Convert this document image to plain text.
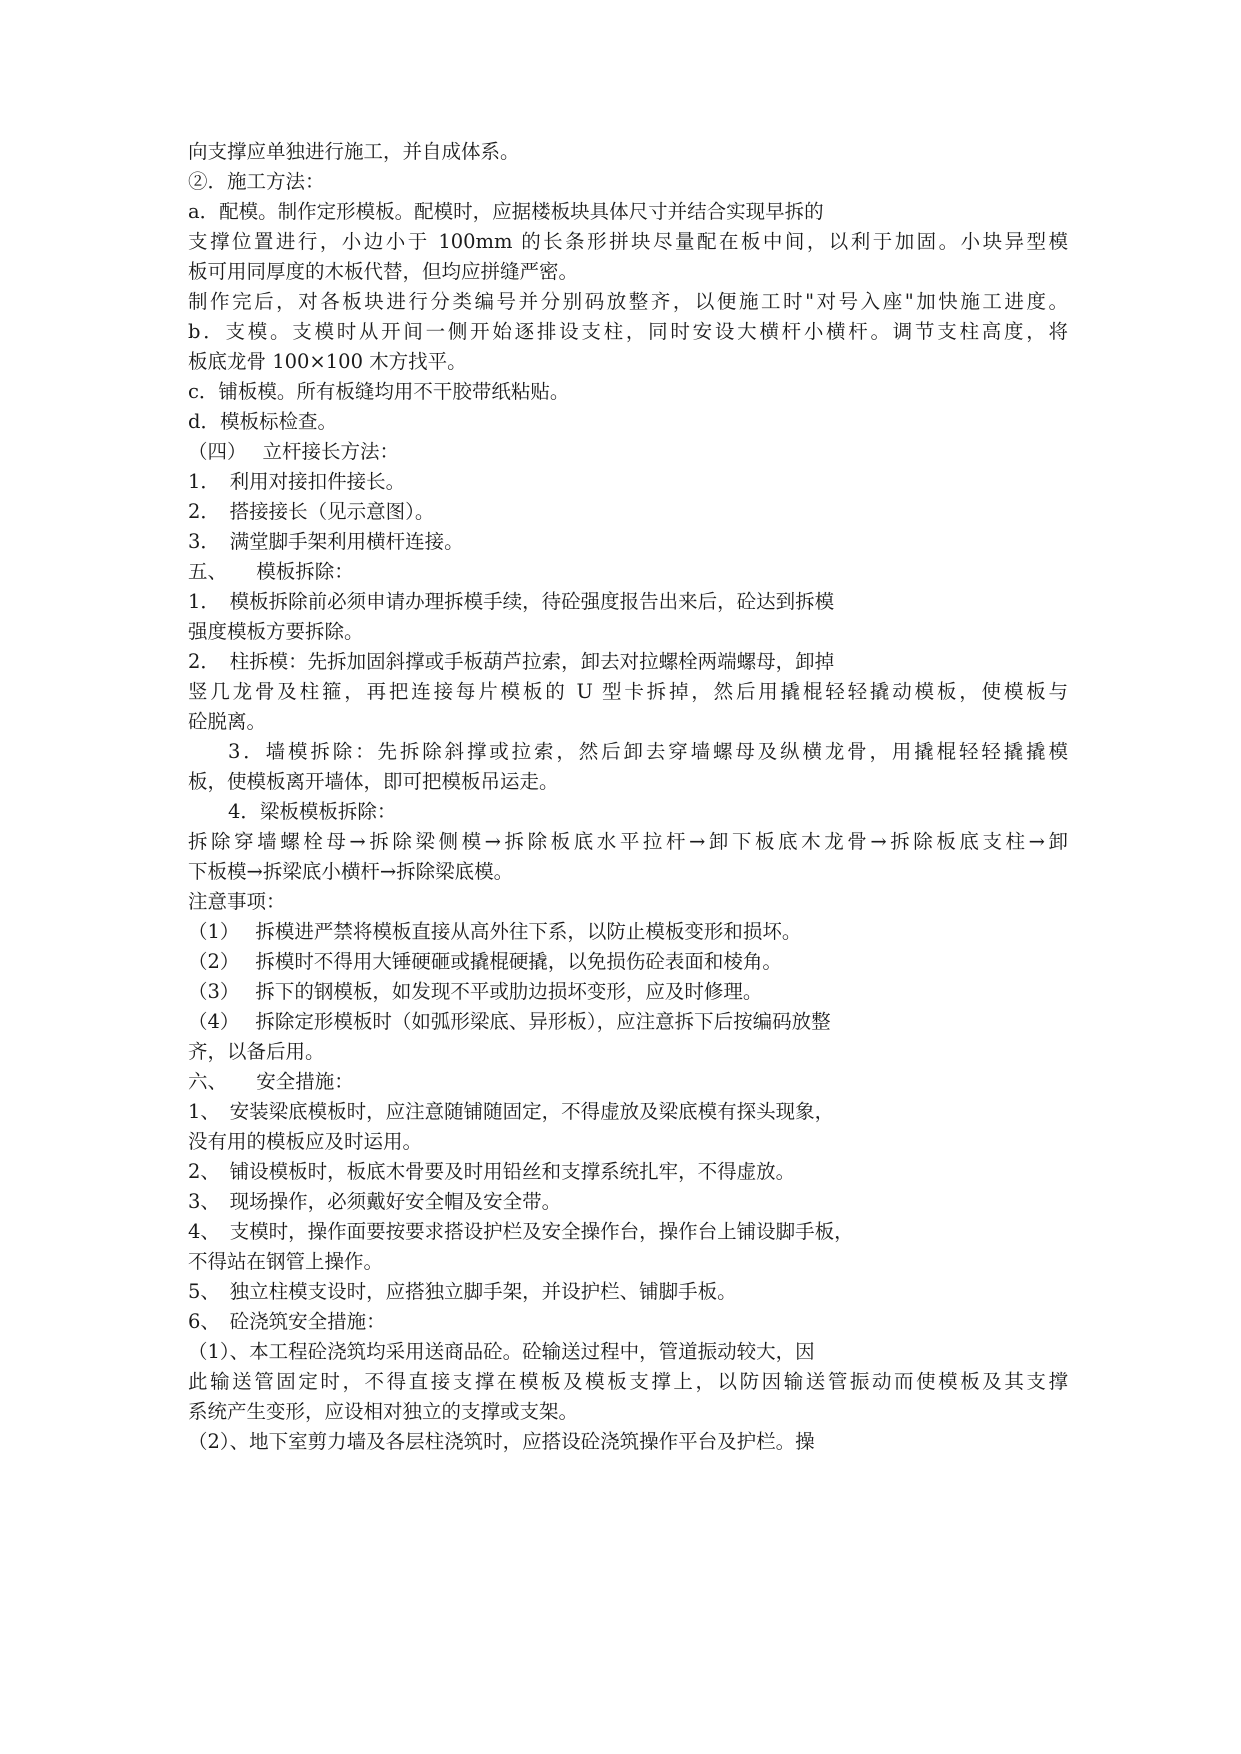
向支撑应单独进行施工，并自成体系。
②．施工方法：
a．配模。制作定形模板。配模时，应据楼板块具体尺寸并结合实现早拆的
支撑位置进行，小边小于 100mm 的长条形拼块尽量配在板中间，以利于加固。小块异型模
板可用同厚度的木板代替，但均应拼缝严密。
制作完后，对各板块进行分类编号并分别码放整齐，以便施工时"对号入座"加快施工进度。
b．支模。支模时从开间一侧开始逐排设支柱，同时安设大横杆小横杆。调节支柱高度，将
板底龙骨 100×100 木方找平。
c．铺板模。所有板缝均用不干胶带纸粘贴。
d．模板标检查。
（四）　 立杆接长方法：
1．　利用对接扣件接长。
2．　搭接接长（见示意图）。
3．　满堂脚手架利用横杆连接。
五、　　模板拆除：
1．　模板拆除前必须申请办理拆模手续，待砼强度报告出来后，砼达到拆模
强度模板方要拆除。
2．　柱拆模：先拆加固斜撑或手板葫芦拉索，卸去对拉螺栓两端螺母，卸掉
竖几龙骨及柱箍，再把连接每片模板的 U 型卡拆掉，然后用撬棍轻轻撬动模板，使模板与
砼脱离。
3．墙模拆除：先拆除斜撑或拉索，然后卸去穿墙螺母及纵横龙骨，用撬棍轻轻撬撬模
板，使模板离开墙体，即可把模板吊运走。
4．梁板模板拆除：
拆除穿墙螺栓母→拆除梁侧模→拆除板底水平拉杆→卸下板底木龙骨→拆除板底支柱→卸
下板模→拆梁底小横杆→拆除梁底模。
注意事项：
（1）　 拆模进严禁将模板直接从高外往下系，以防止模板变形和损坏。
（2）　 拆模时不得用大锤硬砸或撬棍硬撬，以免损伤砼表面和棱角。
（3）　 拆下的钢模板，如发现不平或肋边损坏变形，应及时修理。
（4）　 拆除定形模板时（如弧形梁底、异形板），应注意拆下后按编码放整
齐，以备后用。
六、　　安全措施：
1、　安装梁底模板时，应注意随铺随固定，不得虚放及梁底模有探头现象，
没有用的模板应及时运用。
2、　铺设模板时，板底木骨要及时用铅丝和支撑系统扎牢，不得虚放。
3、　现场操作，必须戴好安全帽及安全带。
4、　支模时，操作面要按要求搭设护栏及安全操作台，操作台上铺设脚手板，
不得站在钢管上操作。
5、　独立柱模支设时，应搭独立脚手架，并设护栏、铺脚手板。
6、　砼浇筑安全措施：
（1）、本工程砼浇筑均采用送商品砼。砼输送过程中，管道振动较大，因
此输送管固定时，不得直接支撑在模板及模板支撑上，以防因输送管振动而使模板及其支撑
系统产生变形，应设相对独立的支撑或支架。
（2）、地下室剪力墙及各层柱浇筑时，应搭设砼浇筑操作平台及护栏。操
